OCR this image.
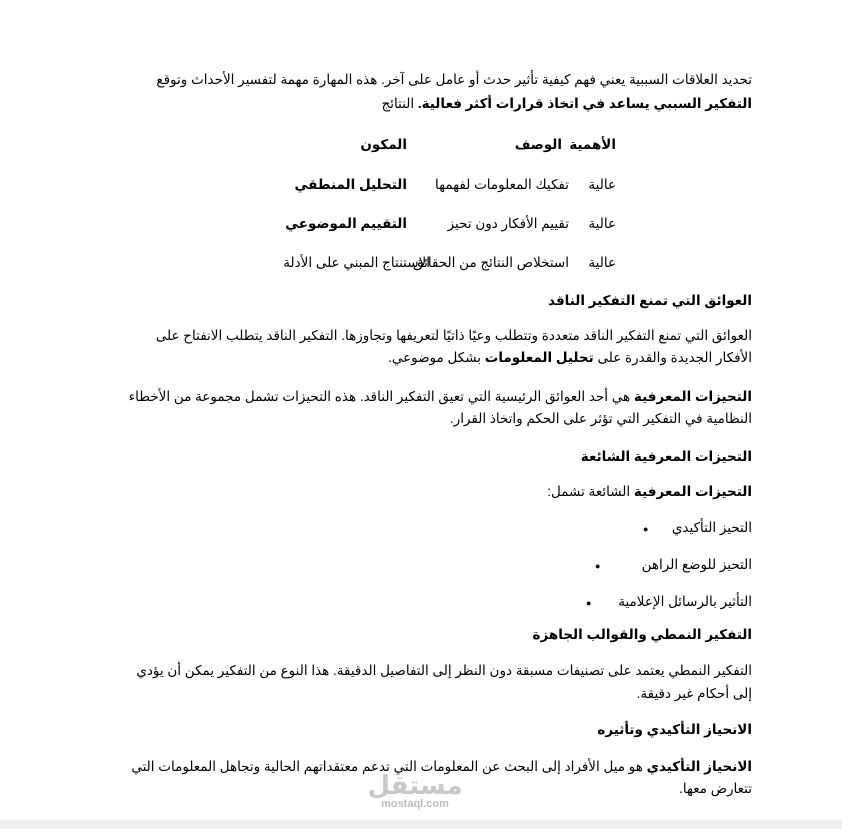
تحديد العلاقات السببية يعني فهم كيفية تأثير حدث أو عامل على آخر. هذه المهارة مهمة لتفسير الأحداث وتوقع
التفكير السببي يساعد في اتخاذ قرارات أكثر فعالية. النتائج
المكون	الوصف الأهمية
عالية
تفكيك المعلومات لفهمها
التحليل المنطقي
عالية
تقييم الأفكار دون تحيز
التقييم الموضوعي
عالية
استخلاص النتائج من الحقائق
الاستنتاج المبني على الأدلة
العوائق التي تمنع التفكير الناقد
العوائق التي تمنع التفكير الناقد متعددة وتتطلب وعيًا ذاتيًا لتعريفها وتجاوزها. التفكير الناقد يتطلب الانفتاح على
الأفكار الجديدة والقدرة على تحليل المعلومات بشكل موضوعي.
التحيزات المعرفية هي أحد العوائق الرئيسية التي تعيق التفكير الناقد. هذه التحيزات تشمل مجموعة من الأخطاء
النظامية في التفكير التي تؤثر على الحكم واتخاذ القرار.
التحيزات المعرفية الشائعة
التحيزات المعرفية الشائعة تشمل:
التحيز التأكيدي
●
التحيز للوضع الراهن
●
التأثير بالرسائل الإعلامية
●
التفكير النمطي والقوالب الجاهزة
التفكير النمطي يعتمد على تصنيفات مسبقة دون النظر إلى التفاصيل الدقيقة. هذا النوع من التفكير يمكن أن يؤدي
إلى أحكام غير دقيقة.
الانحياز التأكيدي وتأثيره
الانحياز التأكيدي هو ميل الأفراد إلى البحث عن المعلومات التي تدعم معتقداتهم الحالية وتجاهل المعلومات التي
تتعارض معها.
مستقل
mostaql.com
